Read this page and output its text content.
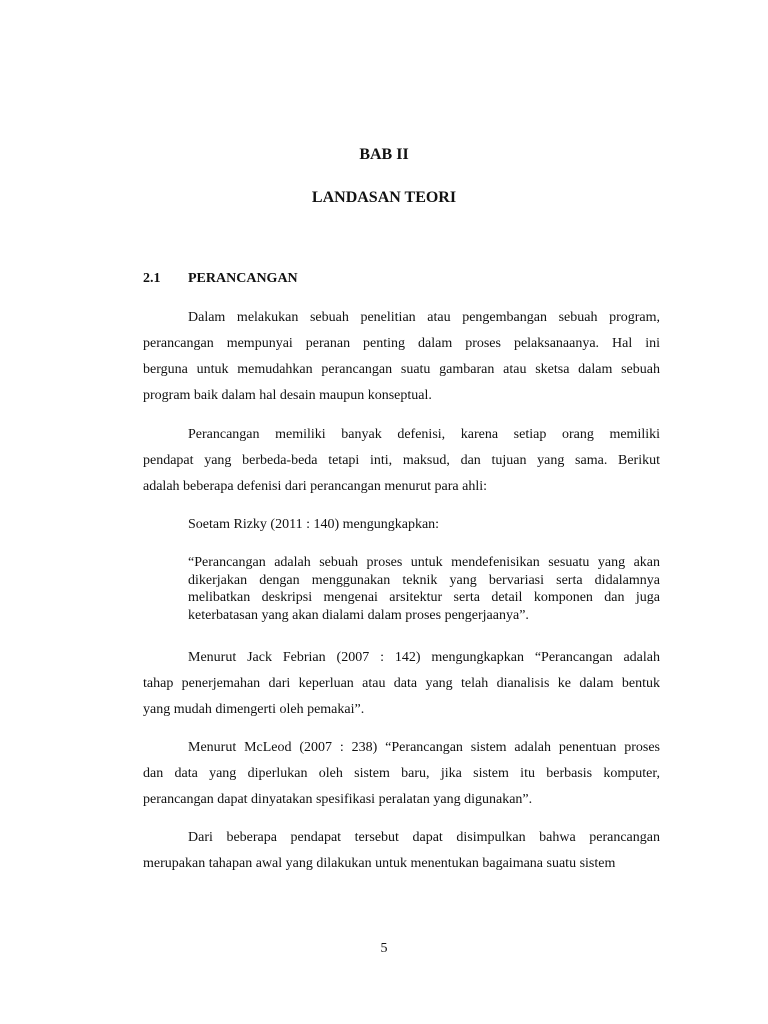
BAB II
LANDASAN TEORI
2.1 PERANCANGAN
Dalam melakukan sebuah penelitian atau pengembangan sebuah program,
perancangan mempunyai peranan penting dalam proses pelaksanaanya. Hal ini
berguna untuk memudahkan perancangan suatu gambaran atau sketsa dalam sebuah
program baik dalam hal desain maupun konseptual.
Perancangan memiliki banyak defenisi, karena setiap orang memiliki
pendapat yang berbeda-beda tetapi inti, maksud, dan tujuan yang sama. Berikut
adalah beberapa defenisi dari perancangan menurut para ahli:
Soetam Rizky (2011 : 140) mengungkapkan:
“Perancangan adalah sebuah proses untuk mendefenisikan sesuatu yang akan
dikerjakan dengan menggunakan teknik yang bervariasi serta didalamnya
melibatkan deskripsi mengenai arsitektur serta detail komponen dan juga
keterbatasan yang akan dialami dalam proses pengerjaanya”.
Menurut Jack Febrian (2007 : 142) mengungkapkan “Perancangan adalah
tahap penerjemahan dari keperluan atau data yang telah dianalisis ke dalam bentuk
yang mudah dimengerti oleh pemakai”.
Menurut McLeod (2007 : 238) “Perancangan sistem adalah penentuan proses
dan data yang diperlukan oleh sistem baru, jika sistem itu berbasis komputer,
perancangan dapat dinyatakan spesifikasi peralatan yang digunakan”.
Dari beberapa pendapat tersebut dapat disimpulkan bahwa perancangan
merupakan tahapan awal yang dilakukan untuk menentukan bagaimana suatu sistem
5
